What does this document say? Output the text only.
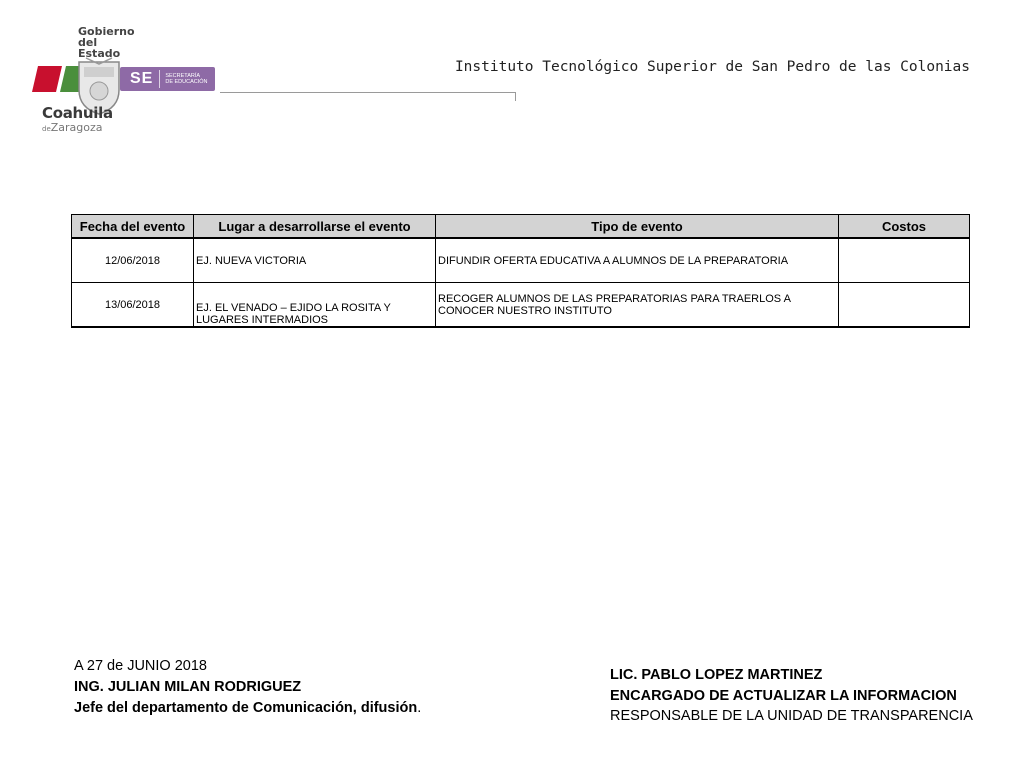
Gobierno
del Estado
SE	SECRETARÍA
DE EDUCACIÓN
Coahuila
deZaragoza
Instituto Tecnológico Superior de San Pedro de las Colonias
Fecha del evento	Lugar a desarrollarse el evento	Tipo de evento	Costos
12/06/2018	EJ. NUEVA VICTORIA	DIFUNDIR OFERTA EDUCATIVA A ALUMNOS DE LA PREPARATORIA	
13/06/2018	EJ. EL VENADO – EJIDO LA ROSITA Y LUGARES INTERMADIOS	RECOGER ALUMNOS DE LAS PREPARATORIAS PARA TRAERLOS A CONOCER NUESTRO INSTITUTO	
A 27 de JUNIO 2018
ING. JULIAN MILAN RODRIGUEZ
Jefe del departamento de Comunicación, difusión.
LIC. PABLO LOPEZ MARTINEZ
ENCARGADO DE ACTUALIZAR LA INFORMACION
RESPONSABLE DE LA UNIDAD DE TRANSPARENCIA
